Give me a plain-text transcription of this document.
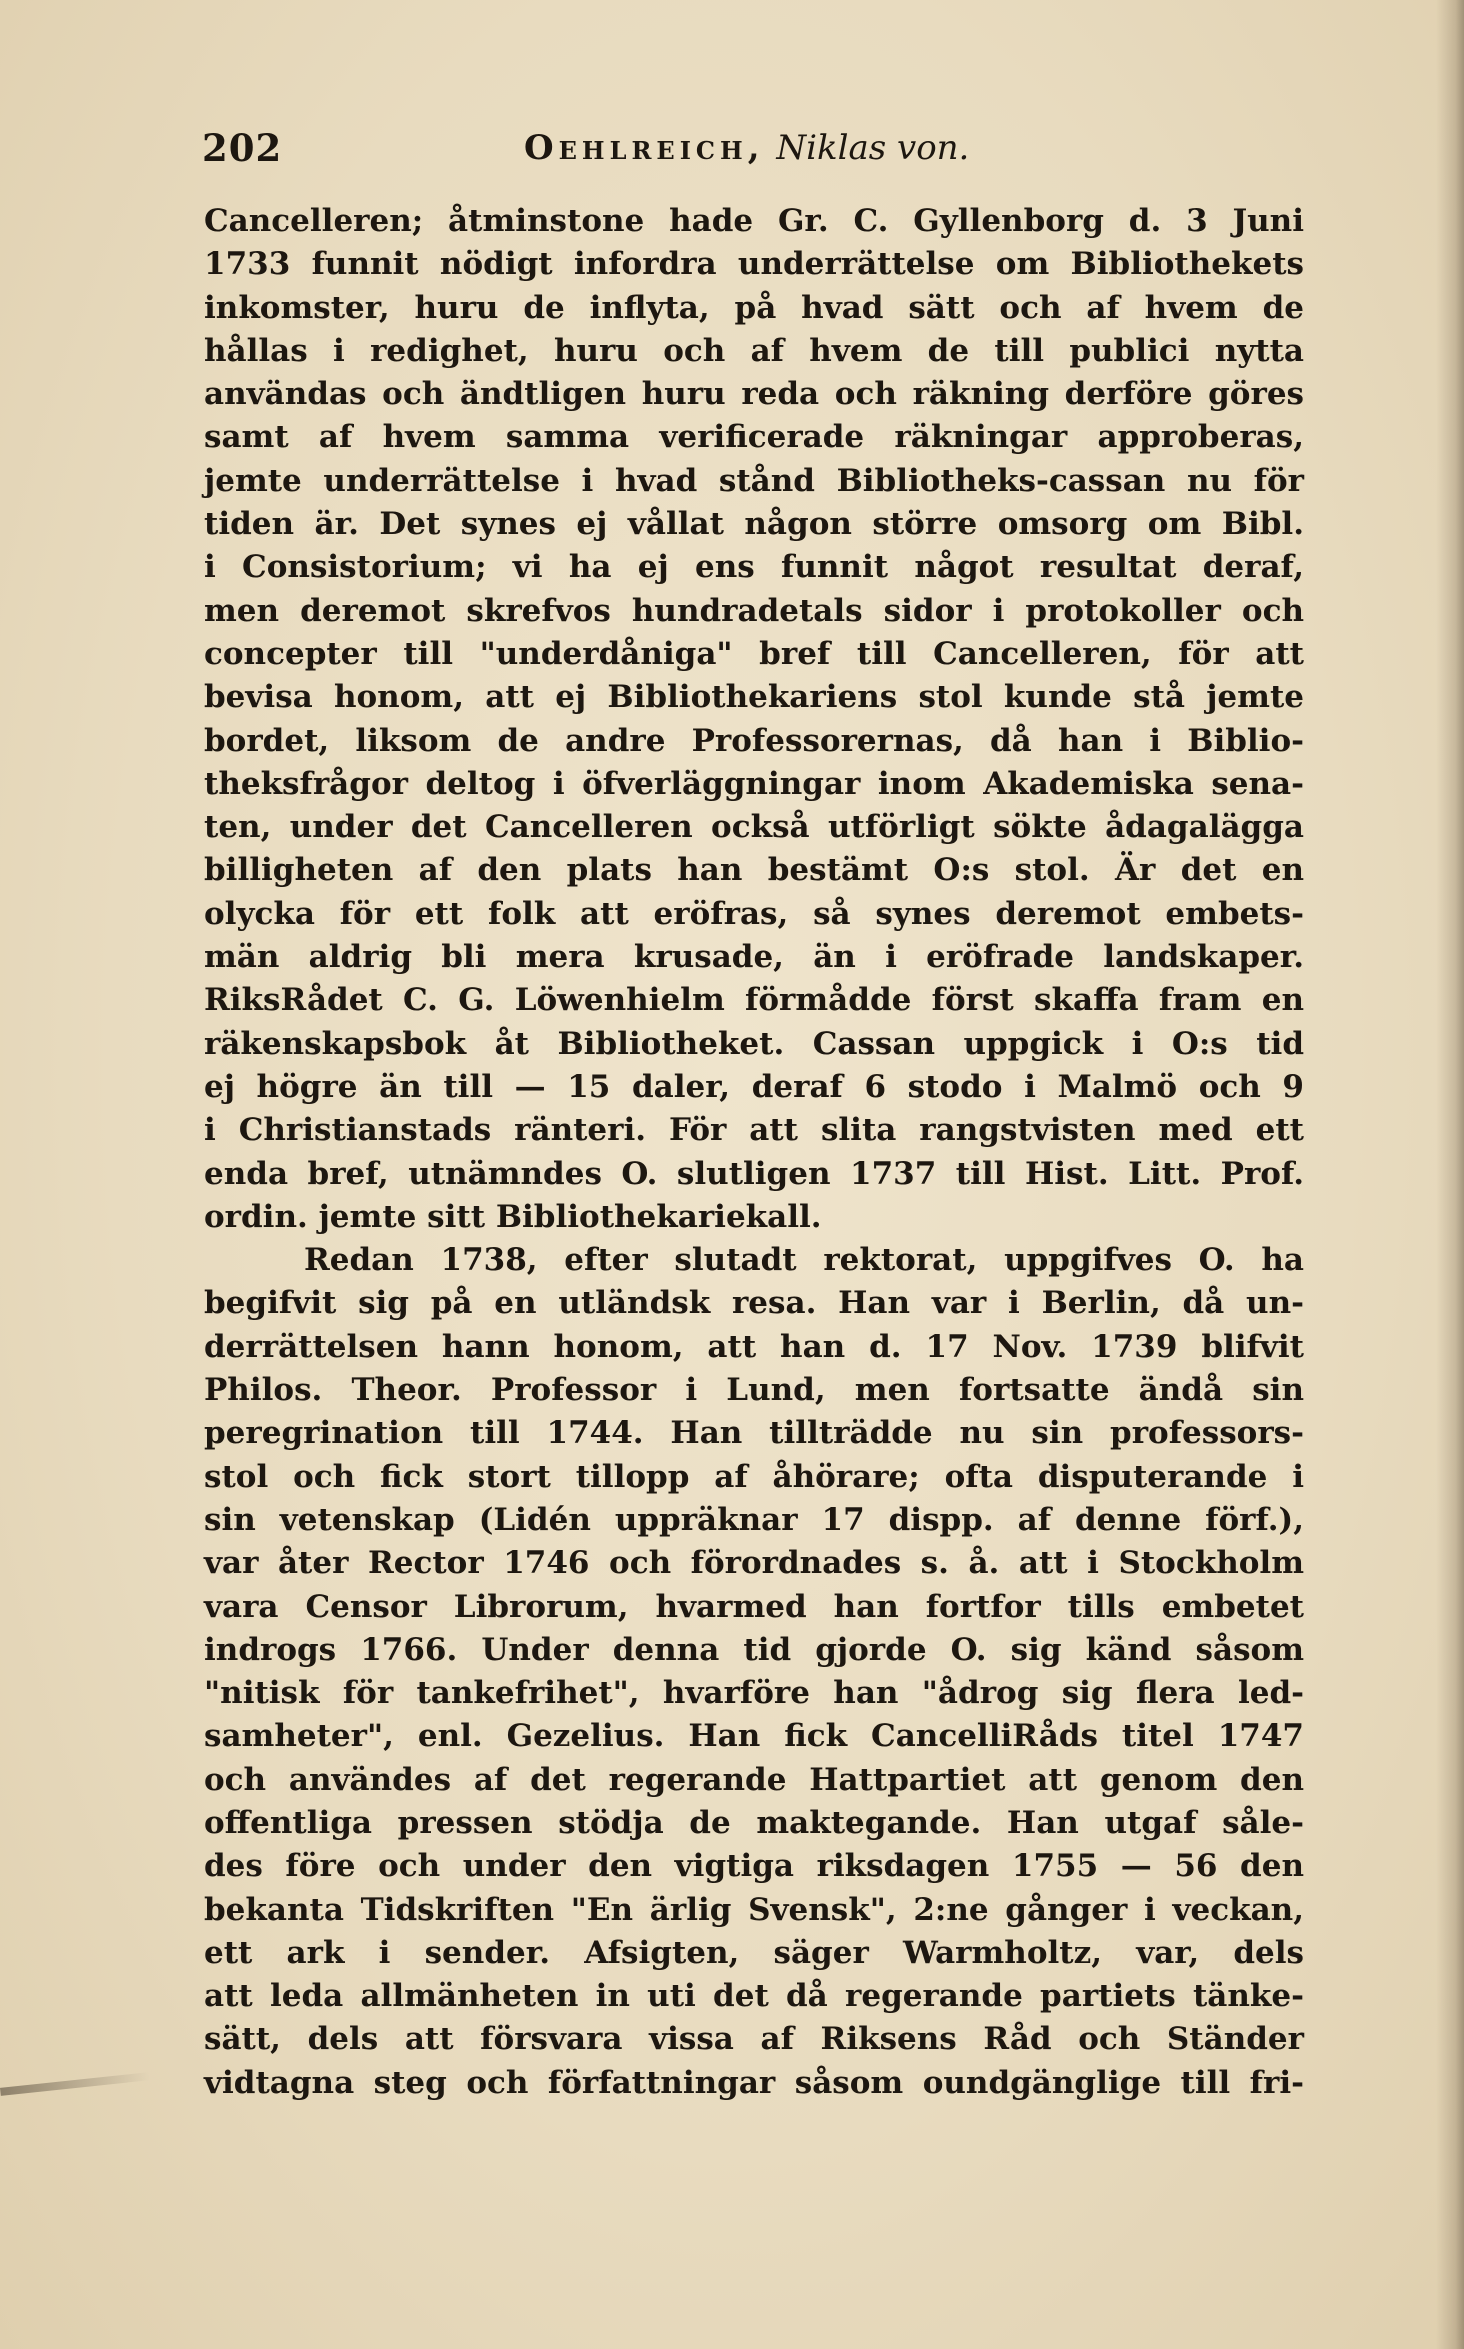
202	Oehlreich, Niklas von.
Cancelleren; åtminstone hade Gr. C. Gyllenborg d. 3 Juni
1733 funnit nödigt infordra underrättelse om Bibliothekets
inkomster, huru de inflyta, på hvad sätt och af hvem de
hållas i redighet, huru och af hvem de till publici nytta
användas och ändtligen huru reda och räkning derföre göres
samt af hvem samma verificerade räkningar approberas,
jemte underrättelse i hvad stånd Bibliotheks-cassan nu för
tiden är. Det synes ej vållat någon större omsorg om Bibl.
i Consistorium; vi ha ej ens funnit något resultat deraf,
men deremot skrefvos hundradetals sidor i protokoller och
concepter till "underdåniga" bref till Cancelleren, för att
bevisa honom, att ej Bibliothekariens stol kunde stå jemte
bordet, liksom de andre Professorernas, då han i Biblio-
theksfrågor deltog i öfverläggningar inom Akademiska sena-
ten, under det Cancelleren också utförligt sökte ådagalägga
billigheten af den plats han bestämt O:s stol. Är det en
olycka för ett folk att eröfras, så synes deremot embets-
män aldrig bli mera krusade, än i eröfrade landskaper.
RiksRådet C. G. Löwenhielm förmådde först skaffa fram en
räkenskapsbok åt Bibliotheket. Cassan uppgick i O:s tid
ej högre än till — 15 daler, deraf 6 stodo i Malmö och 9
i Christianstads ränteri. För att slita rangstvisten med ett
enda bref, utnämndes O. slutligen 1737 till Hist. Litt. Prof.
ordin. jemte sitt Bibliothekariekall.
Redan 1738, efter slutadt rektorat, uppgifves O. ha
begifvit sig på en utländsk resa. Han var i Berlin, då un-
derrättelsen hann honom, att han d. 17 Nov. 1739 blifvit
Philos. Theor. Professor i Lund, men fortsatte ändå sin
peregrination till 1744. Han tillträdde nu sin professors-
stol och fick stort tillopp af åhörare; ofta disputerande i
sin vetenskap (Lidén uppräknar 17 dispp. af denne förf.),
var åter Rector 1746 och förordnades s. å. att i Stockholm
vara Censor Librorum, hvarmed han fortfor tills embetet
indrogs 1766. Under denna tid gjorde O. sig känd såsom
"nitisk för tankefrihet", hvarföre han "ådrog sig flera led-
samheter", enl. Gezelius. Han fick CancelliRåds titel 1747
och användes af det regerande Hattpartiet att genom den
offentliga pressen stödja de maktegande. Han utgaf såle-
des före och under den vigtiga riksdagen 1755 — 56 den
bekanta Tidskriften "En ärlig Svensk", 2:ne gånger i veckan,
ett ark i sender. Afsigten, säger Warmholtz, var, dels
att leda allmänheten in uti det då regerande partiets tänke-
sätt, dels att försvara vissa af Riksens Råd och Ständer
vidtagna steg och författningar såsom oundgänglige till fri-
